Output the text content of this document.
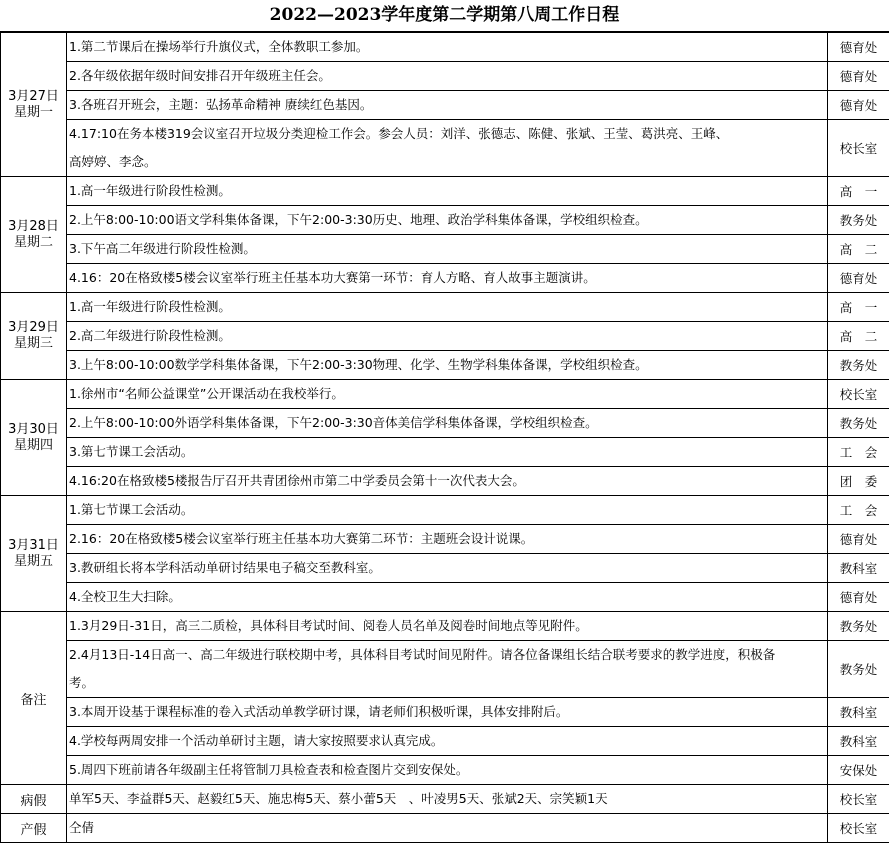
2022—2023学年度第二学期第八周工作日程
3月27日
星期一	1.第二节课后在操场举行升旗仪式，全体教职工参加。	德育处
	2.各年级依据年级时间安排召开年级班主任会。	德育处
	3.各班召开班会，主题：弘扬革命精神 赓续红色基因。	德育处
	4.17:10在务本楼319会议室召开垃圾分类迎检工作会。参会人员：刘洋、张德志、陈健、张斌、王莹、葛洪亮、王峰、高婷婷、李念。	校长室

3月28日
星期二	1.高一年级进行阶段性检测。	高　一
	2.上午8:00-10:00语文学科集体备课，下午2:00-3:30历史、地理、政治学科集体备课，学校组织检查。	教务处
	3.下午高二年级进行阶段性检测。	高　二
	4.16：20在格致楼5楼会议室举行班主任基本功大赛第一环节：育人方略、育人故事主题演讲。	德育处

3月29日
星期三	1.高一年级进行阶段性检测。	高　一
	2.高二年级进行阶段性检测。	高　二
	3.上午8:00-10:00数学学科集体备课，下午2:00-3:30物理、化学、生物学科集体备课，学校组织检查。	教务处

3月30日
星期四	1.徐州市“名师公益课堂”公开课活动在我校举行。	校长室
	2.上午8:00-10:00外语学科集体备课，下午2:00-3:30音体美信学科集体备课，学校组织检查。	教务处
	3.第七节课工会活动。	工　会
	4.16:20在格致楼5楼报告厅召开共青团徐州市第二中学委员会第十一次代表大会。	团　委

3月31日
星期五	1.第七节课工会活动。	工　会
	2.16：20在格致楼5楼会议室举行班主任基本功大赛第二环节：主题班会设计说课。	德育处
	3.教研组长将本学科活动单研讨结果电子稿交至教科室。	教科室
	4.全校卫生大扫除。	德育处
备注	1.3月29日-31日，高三二质检，具体科目考试时间、阅卷人员名单及阅卷时间地点等见附件。	教务处
	2.4月13日-14日高一、高二年级进行联校期中考，具体科目考试时间见附件。请各位备课组长结合联考要求的教学进度，积极备考。	教务处
	3.本周开设基于课程标准的卷入式活动单教学研讨课，请老师们积极听课，具体安排附后。	教科室
	4.学校每两周安排一个活动单研讨主题，请大家按照要求认真完成。	教科室
	5.周四下班前请各年级副主任将管制刀具检查表和检查图片交到安保处。	安保处
病假	单军5天、李益群5天、赵毅红5天、施忠梅5天、蔡小蕾5天　、叶凌男5天、张斌2天、宗笑颖1天	校长室
产假	仝倩	校长室
